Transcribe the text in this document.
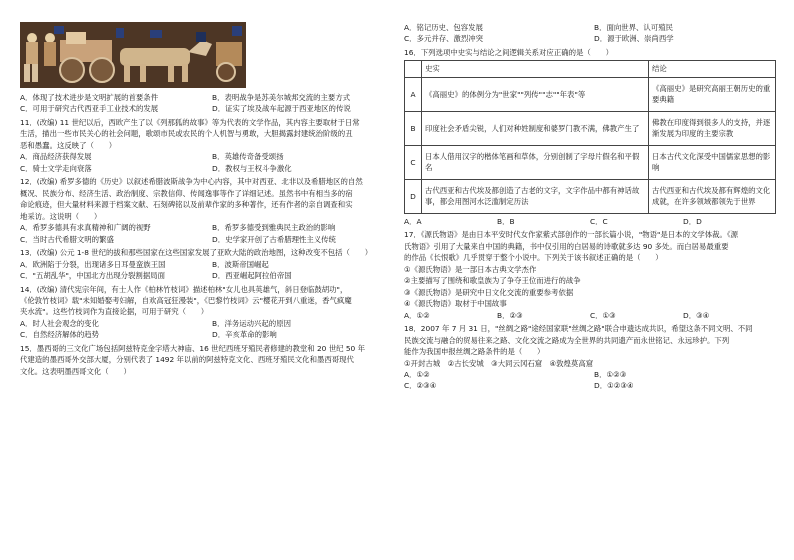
A．体现了技术进步是文明扩展的首要条件	B．表明战争是苏美尔城邦交流的主要方式
C．可用于研究古代西亚手工业技术的发展	D．证实了埃及战车起源于西亚地区的传说
11．(改编) 11 世纪以后，西欧产生了以《列那狐的故事》等为代表的文学作品，其内容主要取材于日常
生活，描出一些市民关心的社会问题，歌颂市民或农民的个人机智与勇敢，大胆揭露封建统治阶级的丑
恶和愚蠢。这反映了（　　）
A．商品经济获得发展	B．英雄传奇备受颂扬
C．骑士文学走向衰落	D．教权与王权斗争激化
12．(改编) 希罗多德的《历史》以叙述希腊波斯战争为中心内容，其中对西亚、北非以及希腊地区的自然
概况、民族分布、经济生活、政治制度、宗教信仰、传闻逸事等作了详细记述。虽然书中有相当多的宿
命论痕迹，但大量材料来源于档案文献、石刻碑铭以及前辈作家的多种著作，还有作者的亲自调查和实
地采访。这说明（　　）
A．希罗多德具有求真精神和广阔的视野	B．希罗多德受到雅典民主政治的影响
C．当时古代希腊文明的繁盛	D．史学家开创了古希腊理性主义传统
13．(改编) 公元 1-8 世纪的拔和那些国家在这些国家发展了亚欧大陆的政治地图，这种改变不包括（　　）
A．欧洲陷于分裂，出现诸多日耳曼蛮族王国	B．波斯帝国崛起
C．"五胡乱华"，中国北方出现分裂割据局面	D．西亚崛起阿拉伯帝国
14．(改编) 清代宪宗年间，有士人作《柏林竹枝词》描述柏林"女儿也具英雄气，斜日登临鼓胡功"，
《伦敦竹枝词》载"未知婚娶考妇解，自欢高冠狂漫装"，《巴黎竹枝词》云"樱花开到八重迷，香气疯魔
夹水流"。这些竹枝词作为直接论据，可用于研究（　　）
A．时人社会观念的变化	B．洋务运动兴起的原因
C．自然经济解体的趋势	D．辛亥革命的影响
15．墨西哥的三文化广场包括阿兹特克金字塔大神庙、16 世纪西班牙殖民者修建的教堂和 20 世纪 50 年
代建造的墨西哥外交部大厦，分别代表了 1492 年以前的阿兹特克文化、西班牙殖民文化和墨西哥现代
文化。这表明墨西哥文化（　　）
A．铭记历史、包容发展	B．面向世界、认可殖民
C．多元并存、激烈冲突	D．源于欧洲、崇尚西学
16．下列选项中史实与结论之间逻辑关系对应正确的是（　　）
	史实	结论
A	《高丽史》的体例分为"世家""列传""志""年表"等	《高丽史》是研究高丽王朝历史的重要典籍
B	印度社会矛盾尖锐，人们对种姓制度和婆罗门教不满，佛教产生了	佛教在印度得到很多人的支持，并逐渐发展为印度的主要宗教
C	日本人借用汉字的楷体笔画和草体，分别创制了字母片假名和平假名	日本古代文化深受中国儒家思想的影响
D	古代西亚和古代埃及都创造了古老的文字，文字作品中都有神话故事，都会用图河水泛滥制定历法	古代西亚和古代埃及都有辉煌的文化成就，在许多领域都领先于世界
A．A	B．B	C．C	D．D
17．《源氏物语》是由日本平安时代女作家紫式部创作的一部长篇小说，"物语"是日本的文学体裁。《源
氏物语》引用了大量来自中国的典籍，书中仅引用的白居易的诗歌就多达 90 多处。而白居易最重要
的作品《长恨歌》几乎贯穿于整个小说中。下列关于该书叙述正确的是（　　）
①《源氏物语》是一部日本古典文学杰作
②主要描写了围绕和歌皇族为了争夺王位而进行的战争
③《源氏物语》是研究中日文化交流的重要参考依据
④《源氏物语》取材于中国故事
A．①②	B．②③	C．①③	D．③④
18．2007 年 7 月 31 日，"丝绸之路"途经国家联"丝绸之路"联合申遗达成共识，希望这条不同文明、不同
民族交流与融合的贸易往来之路、文化交流之路成为全世界的共同遗产而永世铭记、永远珍护。下列
能作为我国申报丝绸之路条件的是（　　）
①开封古城　②古长安城　③大同云冈石窟　④敦煌莫高窟
A．①②	B．①②③
C．②③④	D．①②③④
